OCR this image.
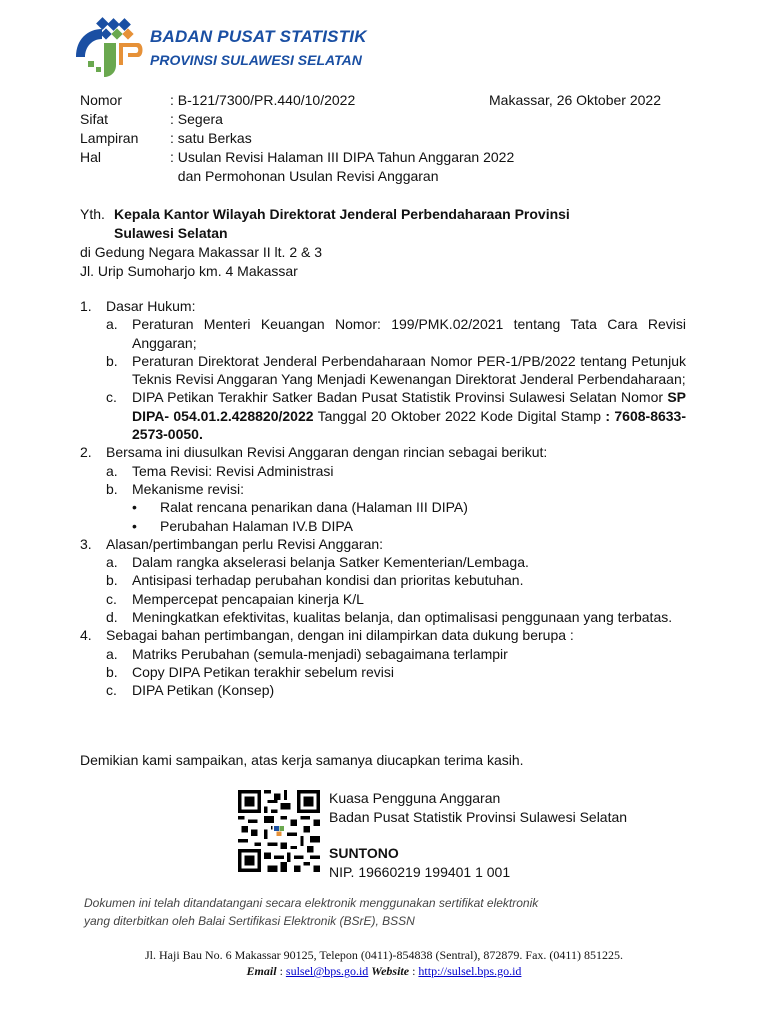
BADAN PUSAT STATISTIK
PROVINSI SULAWESI SELATAN
Nomor	: B-121/7300/PR.440/10/2022
Sifat	: Segera
Lampiran	: satu Berkas
Hal	: Usulan Revisi Halaman III DIPA Tahun Anggaran 2022
dan Permohonan Usulan Revisi Anggaran
Makassar, 26 Oktober 2022
Yth. Kepala Kantor Wilayah Direktorat Jenderal Perbendaharaan Provinsi Sulawesi Selatan
di Gedung Negara Makassar II lt. 2 & 3
Jl. Urip Sumoharjo km. 4 Makassar
1.	Dasar Hukum:
a.	Peraturan Menteri Keuangan Nomor: 199/PMK.02/2021 tentang Tata Cara Revisi Anggaran;
b.	Peraturan Direktorat Jenderal Perbendaharaan Nomor PER-1/PB/2022 tentang Petunjuk Teknis Revisi Anggaran Yang Menjadi Kewenangan Direktorat Jenderal Perbendaharaan;
c.	DIPA Petikan Terakhir Satker Badan Pusat Statistik Provinsi Sulawesi Selatan Nomor SP DIPA- 054.01.2.428820/2022 Tanggal 20 Oktober 2022 Kode Digital Stamp : 7608-8633-2573-0050.
2.	Bersama ini diusulkan Revisi Anggaran dengan rincian sebagai berikut:
a.	Tema Revisi: Revisi Administrasi
b.	Mekanisme revisi:
•	Ralat rencana penarikan dana (Halaman III DIPA)
•	Perubahan Halaman IV.B DIPA
3.	Alasan/pertimbangan perlu Revisi Anggaran:
a.	Dalam rangka akselerasi belanja Satker Kementerian/Lembaga.
b.	Antisipasi terhadap perubahan kondisi dan prioritas kebutuhan.
c.	Mempercepat pencapaian kinerja K/L
d.	Meningkatkan efektivitas, kualitas belanja, dan optimalisasi penggunaan yang terbatas.
4.	Sebagai bahan pertimbangan, dengan ini dilampirkan data dukung berupa :
a.	Matriks Perubahan (semula-menjadi) sebagaimana terlampir
b.	Copy DIPA Petikan terakhir sebelum revisi
c.	DIPA Petikan (Konsep)
Demikian kami sampaikan, atas kerja samanya diucapkan terima kasih.
Kuasa Pengguna Anggaran
Badan Pusat Statistik Provinsi Sulawesi Selatan
SUNTONO
NIP. 19660219 199401 1 001
Dokumen ini telah ditandatangani secara elektronik menggunakan sertifikat elektronik
yang diterbitkan oleh Balai Sertifikasi Elektronik (BSrE), BSSN
Jl. Haji Bau No. 6 Makassar 90125, Telepon (0411)-854838 (Sentral), 872879. Fax. (0411) 851225.
Email : sulsel@bps.go.id Website : http://sulsel.bps.go.id
